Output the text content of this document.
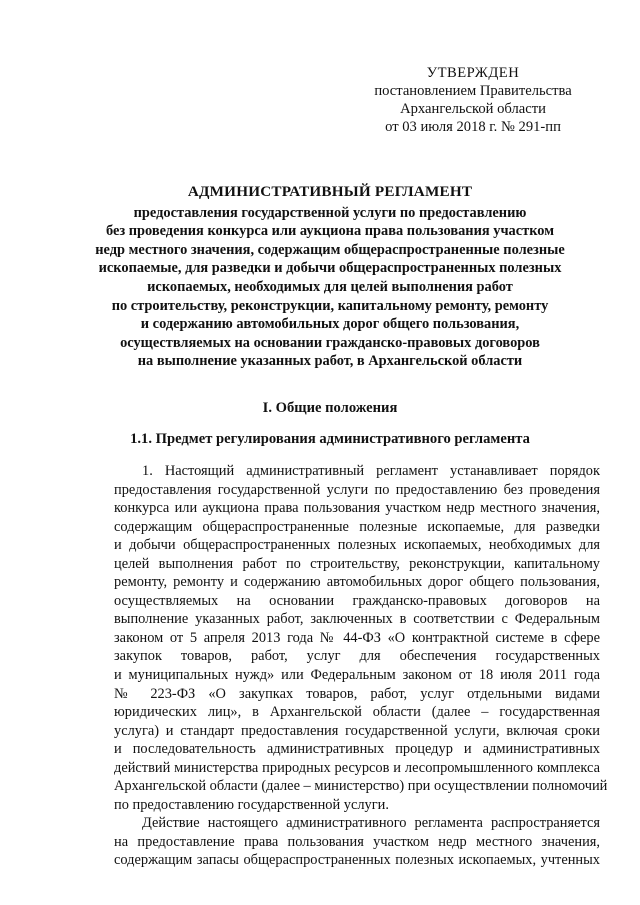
УТВЕРЖДЕН
постановлением Правительства
Архангельской области
от 03 июля 2018 г. № 291-пп
АДМИНИСТРАТИВНЫЙ РЕГЛАМЕНТ
предоставления государственной услуги по предоставлению
без проведения конкурса или аукциона права пользования участком
недр местного значения, содержащим общераспространенные полезные
ископаемые, для разведки и добычи общераспространенных полезных
ископаемых, необходимых для целей выполнения работ
по строительству, реконструкции, капитальному ремонту, ремонту
и содержанию автомобильных дорог общего пользования,
осуществляемых на основании гражданско-правовых договоров
на выполнение указанных работ, в Архангельской области
I. Общие положения
1.1. Предмет регулирования административного регламента
1. Настоящий административный регламент устанавливает порядок
предоставления государственной услуги по предоставлению без проведения
конкурса или аукциона права пользования участком недр местного значения,
содержащим общераспространенные полезные ископаемые, для разведки
и добычи общераспространенных полезных ископаемых, необходимых для
целей выполнения работ по строительству, реконструкции, капитальному
ремонту, ремонту и содержанию автомобильных дорог общего пользования,
осуществляемых на основании гражданско-правовых договоров на
выполнение указанных работ, заключенных в соответствии с Федеральным
законом от 5 апреля 2013 года № 44-ФЗ «О контрактной системе в сфере
закупок товаров, работ, услуг для обеспечения государственных
и муниципальных нужд» или Федеральным законом от 18 июля 2011 года
№ 223-ФЗ «О закупках товаров, работ, услуг отдельными видами
юридических лиц», в Архангельской области (далее – государственная
услуга) и стандарт предоставления государственной услуги, включая сроки
и последовательность административных процедур и административных
действий министерства природных ресурсов и лесопромышленного комплекса
Архангельской области (далее – министерство) при осуществлении полномочий
по предоставлению государственной услуги.
Действие настоящего административного регламента распространяется
на предоставление права пользования участком недр местного значения,
содержащим запасы общераспространенных полезных ископаемых, учтенных
